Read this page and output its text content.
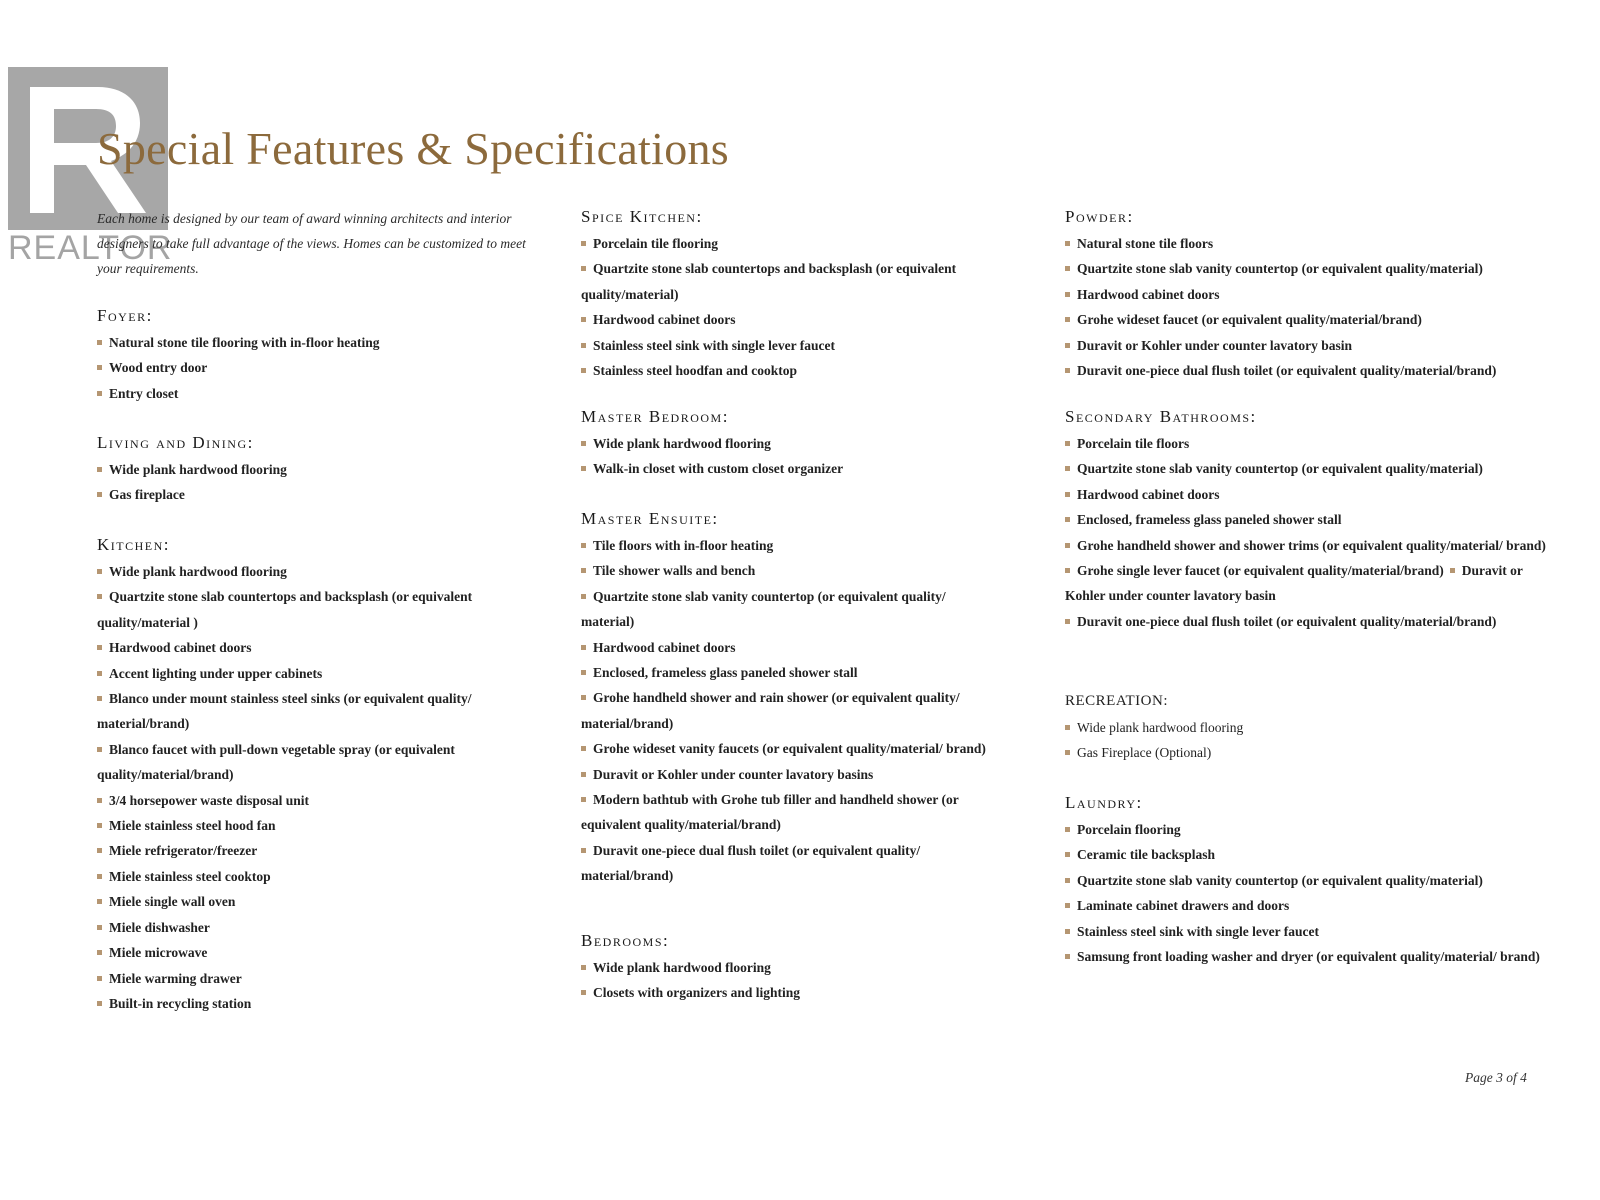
REALTOR
Special Features & Specifications

Each home is designed by our team of award winning architects and interior designers to take full advantage of the views. Homes can be customized to meet your requirements.

Foyer:
Natural stone tile flooring with in-floor heating
Wood entry door
Entry closet
Living and Dining:
Wide plank hardwood flooring
Gas fireplace
Kitchen:
Wide plank hardwood flooring
Quartzite stone slab countertops and backsplash (or equivalent quality/material )
Hardwood cabinet doors
Accent lighting under upper cabinets
Blanco under mount stainless steel sinks (or equivalent quality/ material/brand)
Blanco faucet with pull-down vegetable spray (or equivalent quality/material/brand)
3/4 horsepower waste disposal unit
Miele stainless steel hood fan
Miele refrigerator/freezer
Miele stainless steel cooktop
Miele single wall oven
Miele dishwasher
Miele microwave
Miele warming drawer
Built-in recycling station
Spice Kitchen:
Porcelain tile flooring
Quartzite stone slab countertops and backsplash (or equivalent quality/material)
Hardwood cabinet doors
Stainless steel sink with single lever faucet
Stainless steel hoodfan and cooktop
Master Bedroom:
Wide plank hardwood flooring
Walk-in closet with custom closet organizer
Master Ensuite:
Tile floors with in-floor heating
Tile shower walls and bench
Quartzite stone slab vanity countertop (or equivalent quality/ material)
Hardwood cabinet doors
Enclosed, frameless glass paneled shower stall
Grohe handheld shower and rain shower (or equivalent quality/ material/brand)
Grohe wideset vanity faucets (or equivalent quality/material/ brand)
Duravit or Kohler under counter lavatory basins
Modern bathtub with Grohe tub filler and handheld shower (or equivalent quality/material/brand)
Duravit one-piece dual flush toilet (or equivalent quality/ material/brand)
Bedrooms:
Wide plank hardwood flooring
Closets with organizers and lighting
Powder:
Natural stone tile floors
Quartzite stone slab vanity countertop (or equivalent quality/material)
Hardwood cabinet doors
Grohe wideset faucet (or equivalent quality/material/brand)
Duravit or Kohler under counter lavatory basin
Duravit one-piece dual flush toilet (or equivalent quality/material/brand)
Secondary Bathrooms:
Porcelain tile floors
Quartzite stone slab vanity countertop (or equivalent quality/material)
Hardwood cabinet doors
Enclosed, frameless glass paneled shower stall
Grohe handheld shower and shower trims (or equivalent quality/material/ brand)
Grohe single lever faucet (or equivalent quality/material/brand) Duravit or Kohler under counter lavatory basin
Duravit one-piece dual flush toilet (or equivalent quality/material/brand)
RECREATION:
Wide plank hardwood flooring
Gas Fireplace (Optional)
Laundry:
Porcelain flooring
Ceramic tile backsplash
Quartzite stone slab vanity countertop (or equivalent quality/material)
Laminate cabinet drawers and doors
Stainless steel sink with single lever faucet
Samsung front loading washer and dryer (or equivalent quality/material/ brand)
Page 3 of 4
